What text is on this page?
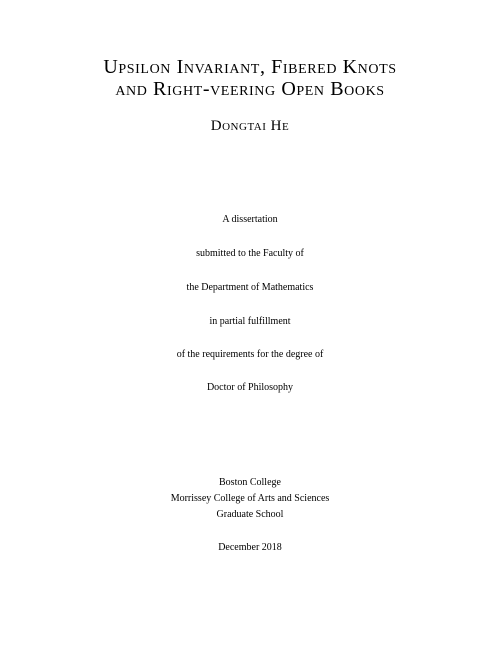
Upsilon Invariant, Fibered Knots
and Right-veering Open Books
Dongtai He
A dissertation
submitted to the Faculty of
the Department of Mathematics
in partial fulfillment
of the requirements for the degree of
Doctor of Philosophy
Boston College
Morrissey College of Arts and Sciences
Graduate School
December 2018
